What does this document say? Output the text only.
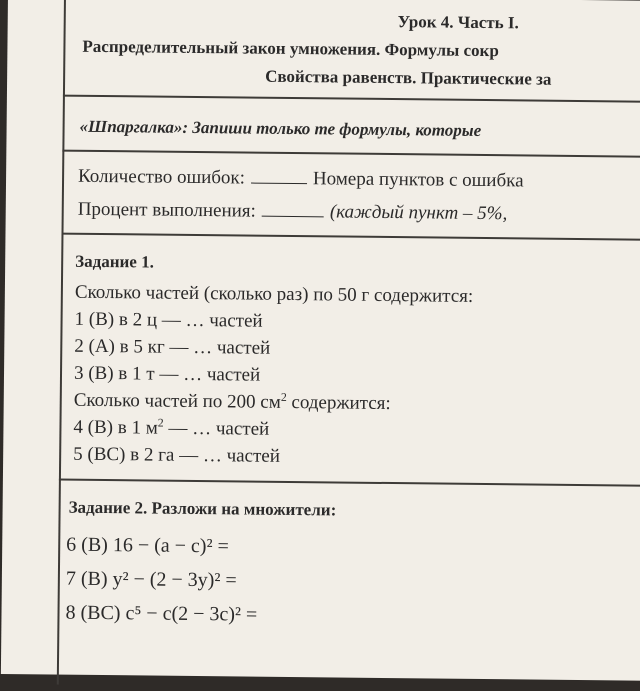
Урок 4. Часть I.
Распределительный закон умножения. Формулы сокр
Свойства равенств. Практические за
«Шпаргалка»: Запиши только те формулы, которые
Количество ошибок:	Номера пунктов с ошибка
Процент выполнения:	(каждый пункт – 5%,
Задание 1.
Сколько частей (сколько раз) по 50 г содержится:
1 (В) в 2 ц — … частей
2 (А) в 5 кг — … частей
3 (В) в 1 т — … частей
Сколько частей по 200 $см^2$ содержится:
4 (В) в 1 $м^2$ — … частей
5 (ВС) в 2 га — … частей
Задание 2. Разложи на множители:
6 (В) 16 − (a − c)² =
7 (В) y² − (2 − 3y)² =
8 (ВС) c⁵ − c(2 − 3c)² =
